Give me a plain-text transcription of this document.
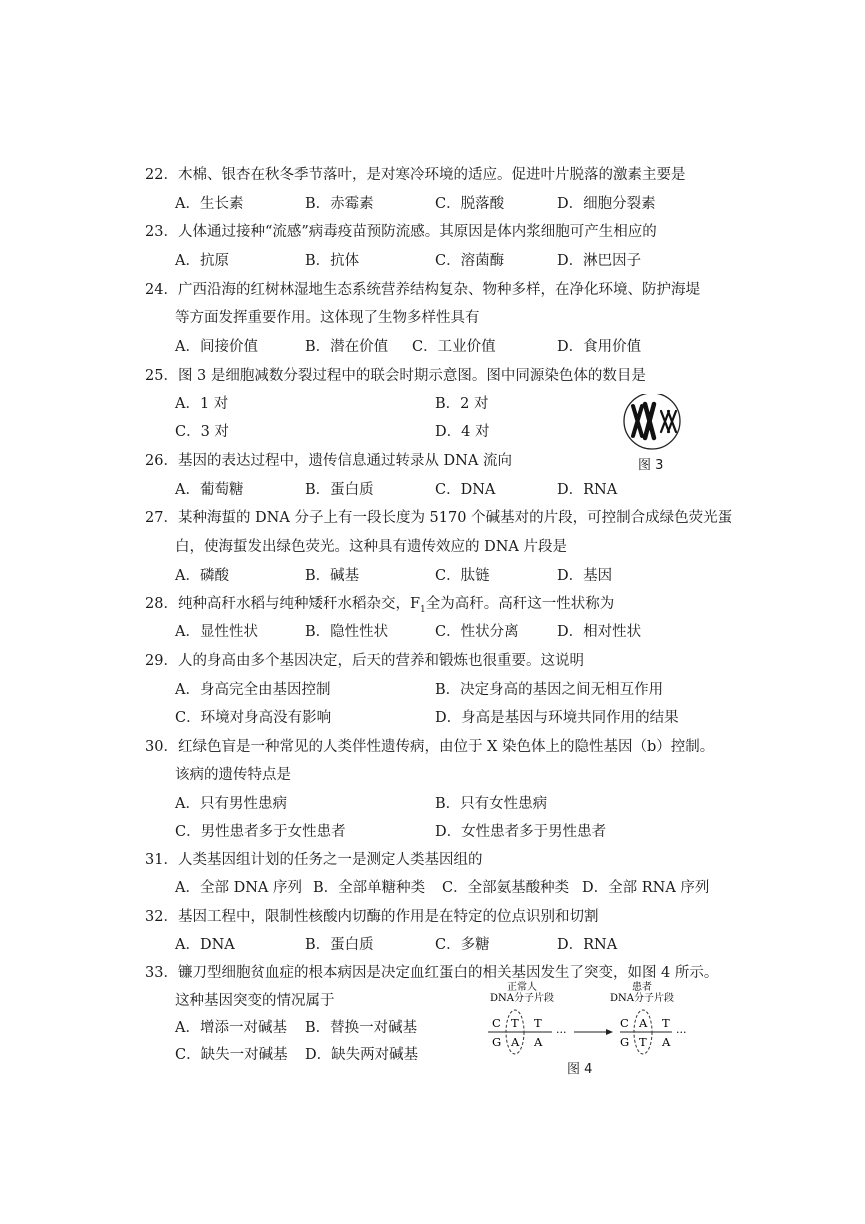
22．木棉、银杏在秋冬季节落叶，是对寒冷环境的适应。促进叶片脱落的激素主要是
A．生长素	B．赤霉素	C．脱落酸	D．细胞分裂素
23．人体通过接种“流感”病毒疫苗预防流感。其原因是体内浆细胞可产生相应的
A．抗原	B．抗体	C．溶菌酶	D．淋巴因子
24．广西沿海的红树林湿地生态系统营养结构复杂、物种多样，在净化环境、防护海堤
等方面发挥重要作用。这体现了生物多样性具有
A．间接价值	B．潜在价值 C．工业价值	D．食用价值
25．图 3 是细胞减数分裂过程中的联会时期示意图。图中同源染色体的数目是
A．1 对	B．2 对
C．3 对	D．4 对
图 3
26．基因的表达过程中，遗传信息通过转录从 DNA 流向
A．葡萄糖	B．蛋白质	C．DNA	D．RNA
27．某种海蜇的 DNA 分子上有一段长度为 5170 个碱基对的片段，可控制合成绿色荧光蛋
白，使海蜇发出绿色荧光。这种具有遗传效应的 DNA 片段是
A．磷酸	B．碱基	C．肽链	D．基因
28．纯种高秆水稻与纯种矮秆水稻杂交，$F_1$全为高秆。高秆这一性状称为
A．显性性状	B．隐性性状	C．性状分离	D．相对性状
29．人的身高由多个基因决定，后天的营养和锻炼也很重要。这说明
A．身高完全由基因控制	B．决定身高的基因之间无相互作用
C．环境对身高没有影响	D．身高是基因与环境共同作用的结果
30．红绿色盲是一种常见的人类伴性遗传病，由位于 X 染色体上的隐性基因（b）控制。
该病的遗传特点是
A．只有男性患病	B．只有女性患病
C．男性患者多于女性患者	D．女性患者多于男性患者
31．人类基因组计划的任务之一是测定人类基因组的
A．全部 DNA 序列 B．全部单糖种类 C．全部氨基酸种类 D．全部 RNA 序列
32．基因工程中，限制性核酸内切酶的作用是在特定的位点识别和切割
A．DNA	B．蛋白质	C．多糖	D．RNA
33．镰刀型细胞贫血症的根本病因是决定血红蛋白的相关基因发生了突变，如图 4 所示。
这种基因突变的情况属于
A．增添一对碱基 B．替换一对碱基
C．缺失一对碱基 D．缺失两对碱基
正常人
DNA分子片段
患者
DNA分子片段
C T T
G A A
···
C A T
G T A
···
图 4
